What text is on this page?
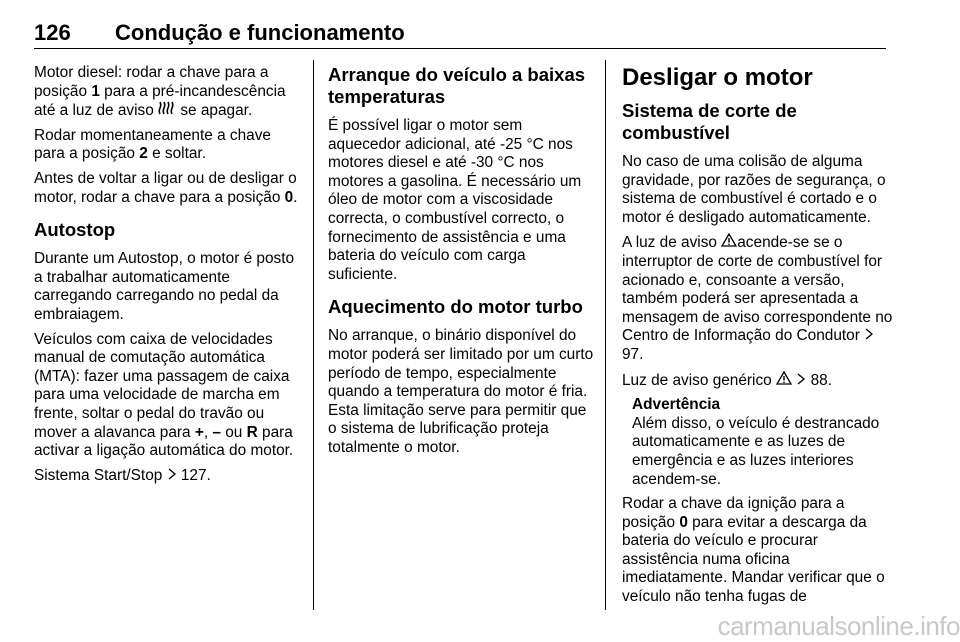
126 Condução e funcionamento

Motor diesel: rodar a chave para a posição 1 para a pré-incandescência até a luz de aviso  se apagar.

Rodar momentaneamente a chave para a posição 2 e soltar.

Antes de voltar a ligar ou de desligar o motor, rodar a chave para a posição 0.

Autostop

Durante um Autostop, o motor é posto a trabalhar automaticamente carregando carregando no pedal da embraiagem.

Veículos com caixa de velocidades manual de comutação automática (MTA): fazer uma passagem de caixa para uma velocidade de marcha em frente, soltar o pedal do travão ou mover a alavanca para +, – ou R para activar a ligação automática do motor.

Sistema Start/Stop  127.

Arranque do veículo a baixas temperaturas

É possível ligar o motor sem aquecedor adicional, até -25 °C nos motores diesel e até -30 °C nos motores a gasolina. É necessário um óleo de motor com a viscosidade correcta, o combustível correcto, o fornecimento de assistência e uma bateria do veículo com carga suficiente.

Aquecimento do motor turbo

No arranque, o binário disponível do motor poderá ser limitado por um curto período de tempo, especialmente quando a temperatura do motor é fria. Esta limitação serve para permitir que o sistema de lubrificação proteja totalmente o motor.

Desligar o motor
Sistema de corte de combustível

No caso de uma colisão de alguma gravidade, por razões de segurança, o sistema de combustível é cortado e o motor é desligado automaticamente.

A luz de aviso acende-se se o interruptor de corte de combustível for acionado e, consoante a versão, também poderá ser apresentada a mensagem de aviso correspondente no Centro de Informação do Condutor  97.

Luz de aviso genérico   88.

Advertência

Além disso, o veículo é destrancado automaticamente e as luzes de emergência e as luzes interiores acendem-se.

Rodar a chave da ignição para a posição 0 para evitar a descarga da bateria do veículo e procurar assistência numa oficina imediatamente. Mandar verificar que o veículo não tenha fugas de

carmanualsonline.info
